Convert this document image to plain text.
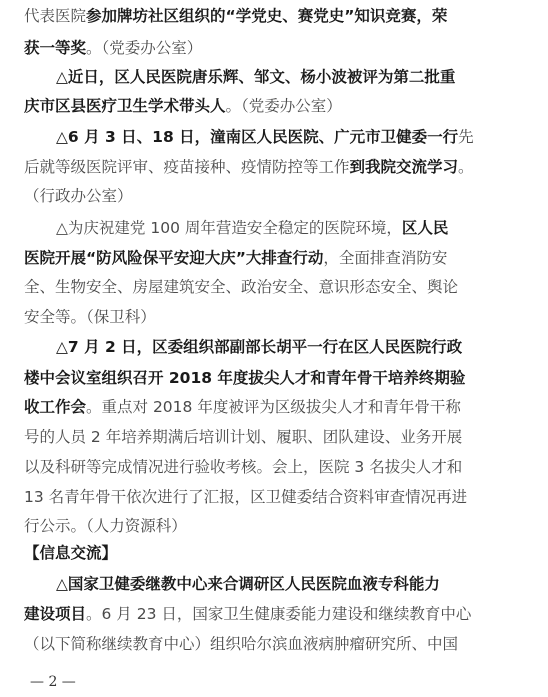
代表医院参加牌坊社区组织的“学党史、赛党史”知识竞赛，荣
获一等奖。（党委办公室）
△近日，区人民医院唐乐辉、邹文、杨小波被评为第二批重
庆市区县医疗卫生学术带头人。（党委办公室）
△6 月 3 日、18 日，潼南区人民医院、广元市卫健委一行先
后就等级医院评审、疫苗接种、疫情防控等工作到我院交流学习。
（行政办公室）
△为庆祝建党 100 周年营造安全稳定的医院环境，区人民
医院开展“防风险保平安迎大庆”大排查行动，全面排查消防安
全、生物安全、房屋建筑安全、政治安全、意识形态安全、舆论
安全等。（保卫科）
△7 月 2 日，区委组织部副部长胡平一行在区人民医院行政
楼中会议室组织召开 2018 年度拔尖人才和青年骨干培养终期验
收工作会。重点对 2018 年度被评为区级拔尖人才和青年骨干称
号的人员 2 年培养期满后培训计划、履职、团队建设、业务开展
以及科研等完成情况进行验收考核。会上，医院 3 名拔尖人才和
13 名青年骨干依次进行了汇报，区卫健委结合资料审查情况再进
行公示。（人力资源科）
【信息交流】
△国家卫健委继教中心来合调研区人民医院血液专科能力
建设项目。6 月 23 日，国家卫生健康委能力建设和继续教育中心
（以下简称继续教育中心）组织哈尔滨血液病肿瘤研究所、中国
— 2 —
